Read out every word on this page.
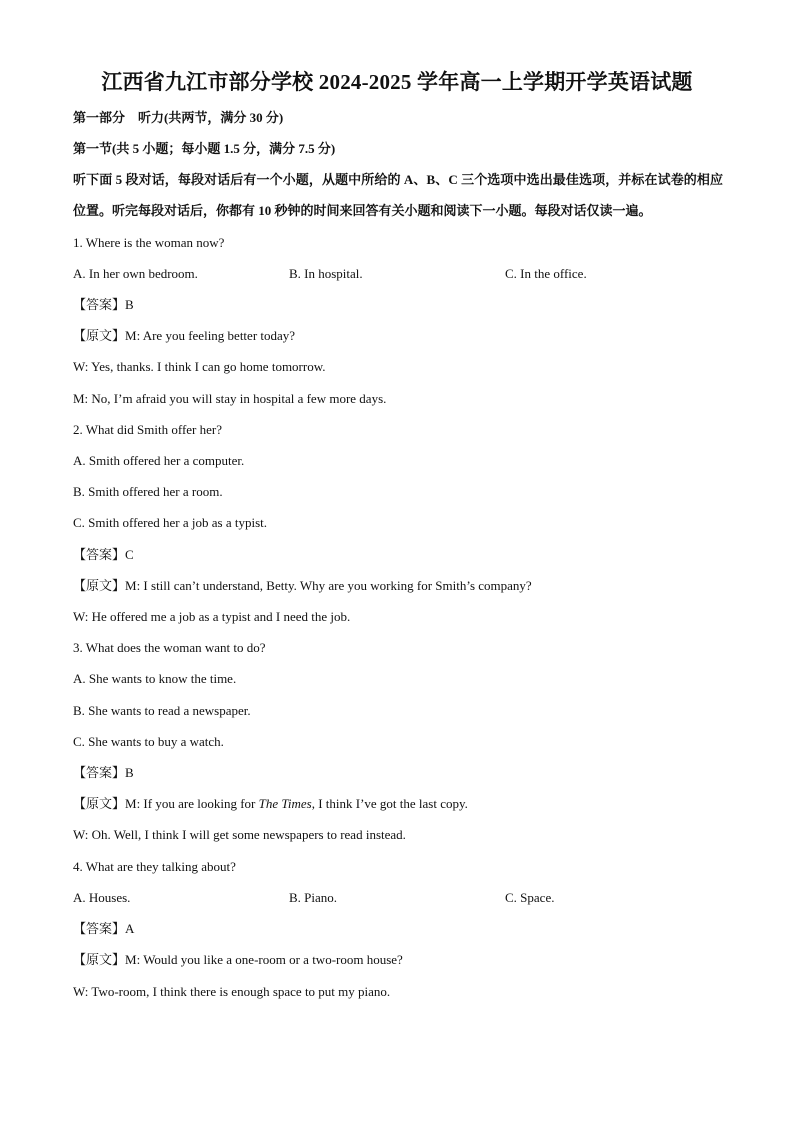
江西省九江市部分学校 2024-2025 学年高一上学期开学英语试题
第一部分　听力(共两节，满分 30 分)
第一节(共 5 小题；每小题 1.5 分，满分 7.5 分)
听下面 5 段对话，每段对话后有一个小题，从题中所给的 A、B、C 三个选项中选出最佳选项，并标在试卷的相应位置。听完每段对话后，你都有 10 秒钟的时间来回答有关小题和阅读下一小题。每段对话仅读一遍。
1. Where is the woman now?
A. In her own bedroom.	B. In hospital.	C. In the office.
【答案】B
【原文】M: Are you feeling better today?
W: Yes, thanks. I think I can go home tomorrow.
M: No, I’m afraid you will stay in hospital a few more days.
2. What did Smith offer her?
A. Smith offered her a computer.
B. Smith offered her a room.
C. Smith offered her a job as a typist.
【答案】C
【原文】M: I still can’t understand, Betty. Why are you working for Smith’s company?
W: He offered me a job as a typist and I need the job.
3. What does the woman want to do?
A. She wants to know the time.
B. She wants to read a newspaper.
C. She wants to buy a watch.
【答案】B
【原文】M: If you are looking for The Times, I think I’ve got the last copy.
W: Oh. Well, I think I will get some newspapers to read instead.
4. What are they talking about?
A. Houses.	B. Piano.	C. Space.
【答案】A
【原文】M: Would you like a one-room or a two-room house?
W: Two-room, I think there is enough space to put my piano.
